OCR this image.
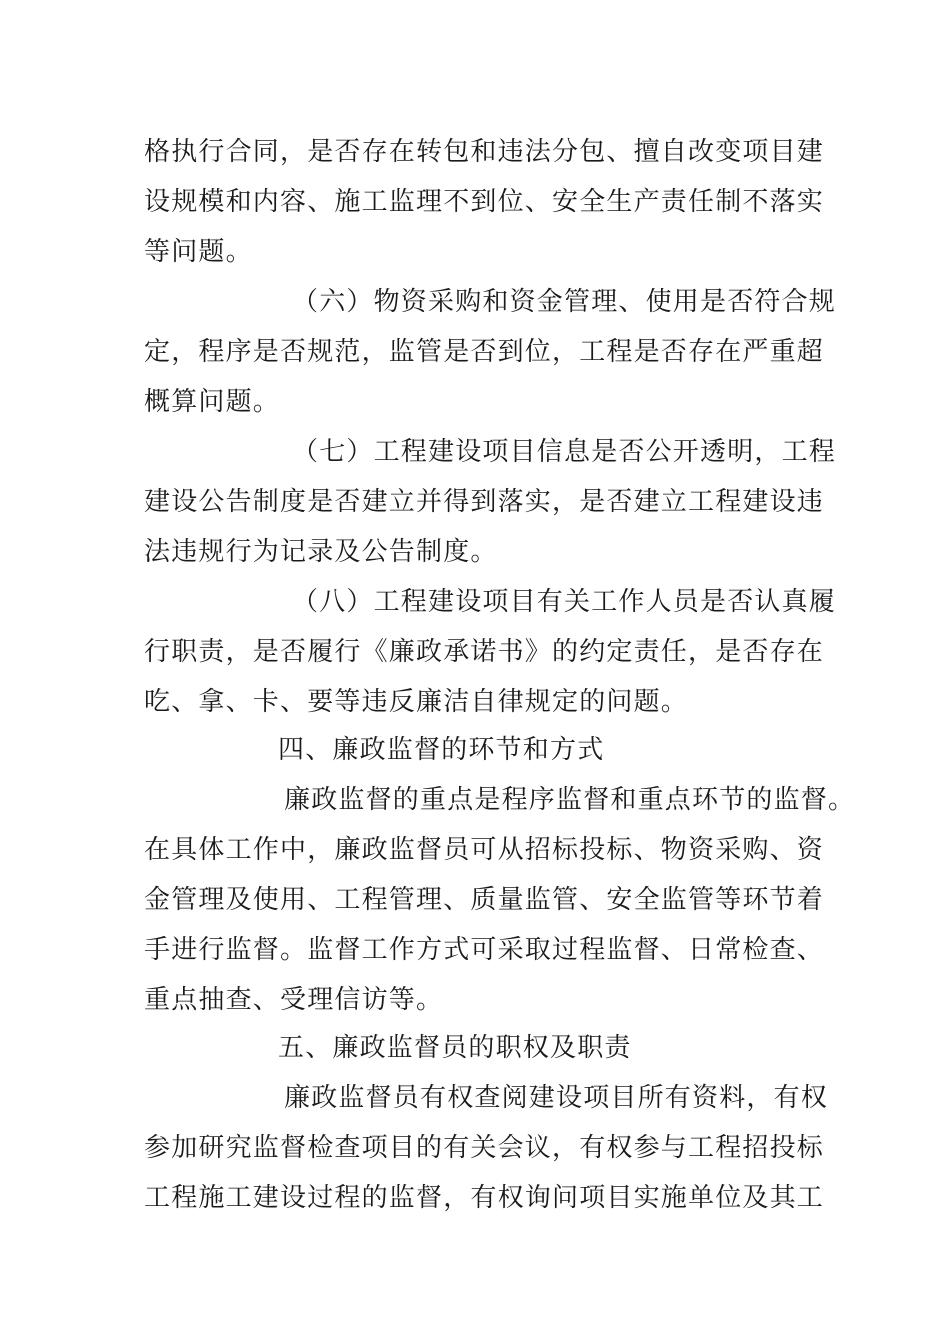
格执行合同，是否存在转包和违法分包、擅自改变项目建
设规模和内容、施工监理不到位、安全生产责任制不落实
等问题。
（六）物资采购和资金管理、使用是否符合规
定，程序是否规范，监管是否到位，工程是否存在严重超
概算问题。
（七）工程建设项目信息是否公开透明，工程
建设公告制度是否建立并得到落实，是否建立工程建设违
法违规行为记录及公告制度。
（八）工程建设项目有关工作人员是否认真履
行职责，是否履行《廉政承诺书》的约定责任，是否存在
吃、拿、卡、要等违反廉洁自律规定的问题。
四、廉政监督的环节和方式
廉政监督的重点是程序监督和重点环节的监督。
在具体工作中，廉政监督员可从招标投标、物资采购、资
金管理及使用、工程管理、质量监管、安全监管等环节着
手进行监督。监督工作方式可采取过程监督、日常检查、
重点抽查、受理信访等。
五、廉政监督员的职权及职责
廉政监督员有权查阅建设项目所有资料，有权
参加研究监督检查项目的有关会议，有权参与工程招投标
工程施工建设过程的监督，有权询问项目实施单位及其工
